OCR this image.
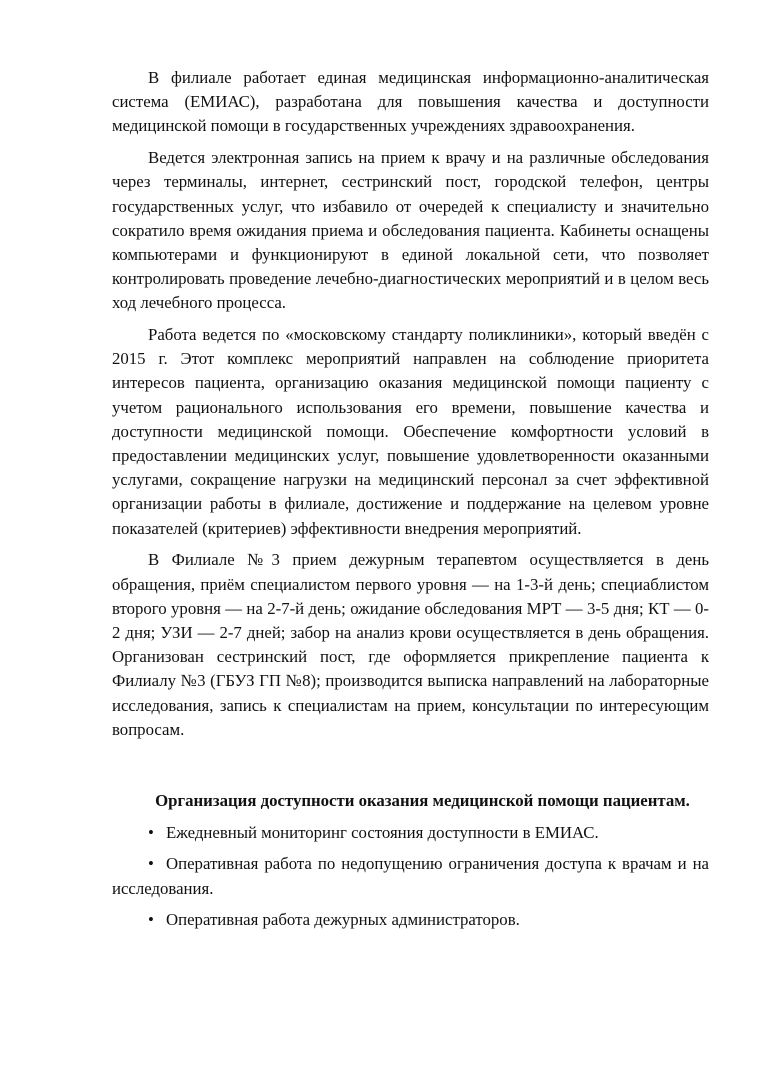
В филиале работает единая медицинская информационно-аналитическая система (ЕМИАС), разработана для повышения качества и доступности медицинской помощи в государственных учреждениях здравоохранения.

Ведется электронная запись на прием к врачу и на различные обследования через терминалы, интернет, сестринский пост, городской телефон, центры государственных услуг, что избавило от очередей к специалисту и значительно сократило время ожидания приема и обследования пациента. Кабинеты оснащены компьютерами и функционируют в единой локальной сети, что позволяет контролировать проведение лечебно-диагностических мероприятий и в целом весь ход лечебного процесса.

Работа ведется по «московскому стандарту поликлиники», который введён с 2015 г. Этот комплекс мероприятий направлен на соблюдение приоритета интересов пациента, организацию оказания медицинской помощи пациенту с учетом рационального использования его времени, повышение качества и доступности медицинской помощи. Обеспечение комфортности условий в предоставлении медицинских услуг, повышение удовлетворенности оказанными услугами, сокращение нагрузки на медицинский персонал за счет эффективной организации работы в филиале, достижение и поддержание на целевом уровне показателей (критериев) эффективности внедрения мероприятий.

В Филиале №3 прием дежурным терапевтом осуществляется в день обращения, приём специалистом первого уровня — на 1-3-й день; специаблистом второго уровня — на 2-7-й день; ожидание обследования МРТ — 3-5 дня; КТ — 0-2 дня; УЗИ — 2-7 дней; забор на анализ крови осуществляется в день обращения. Организован сестринский пост, где оформляется прикрепление пациента к Филиалу №3 (ГБУЗ ГП №8); производится выписка направлений на лабораторные исследования, запись к специалистам на прием, консультации по интересующим вопросам.

Организация доступности оказания медицинской помощи пациентам.

• Ежедневный мониторинг состояния доступности в ЕМИАС.

• Оперативная работа по недопущению ограничения доступа к врачам и на исследования.

• Оперативная работа дежурных администраторов.
